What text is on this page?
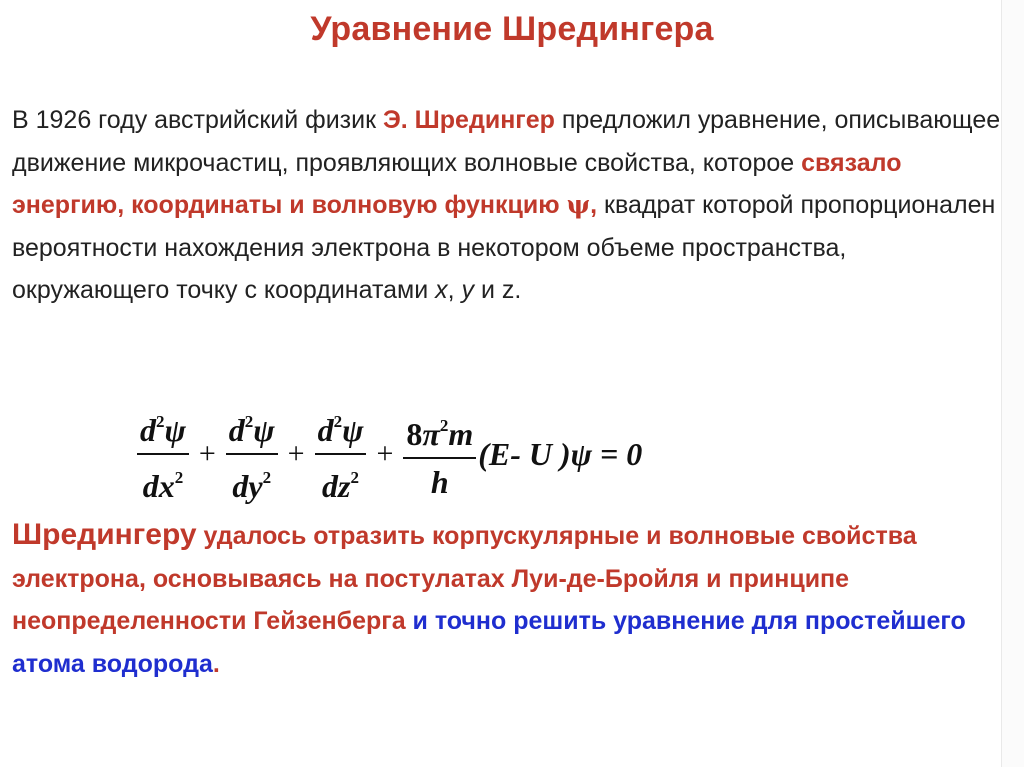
Уравнение Шредингера
В 1926 году австрийский физик Э. Шредингер предложил уравнение, описывающее движение микрочастиц, проявляющих волновые свойства, которое связало энергию, координаты и волновую функцию ψ, квадрат которой пропорционален вероятности нахождения электрона в некотором объеме пространства, окружающего точку с координатами x, y и z.
$\frac{d^2\psi}{dx^2} + \frac{d^2\psi}{dy^2} + \frac{d^2\psi}{dz^2} + \frac{8\pi^2m}{h} (E-$ U )ψ = 0
Шредингеру удалось отразить корпускулярные и волновые свойства электрона, основываясь на постулатах Луи-де-Бройля и принципе неопределенности Гейзенберга и точно решить уравнение для простейшего атома водорода.
